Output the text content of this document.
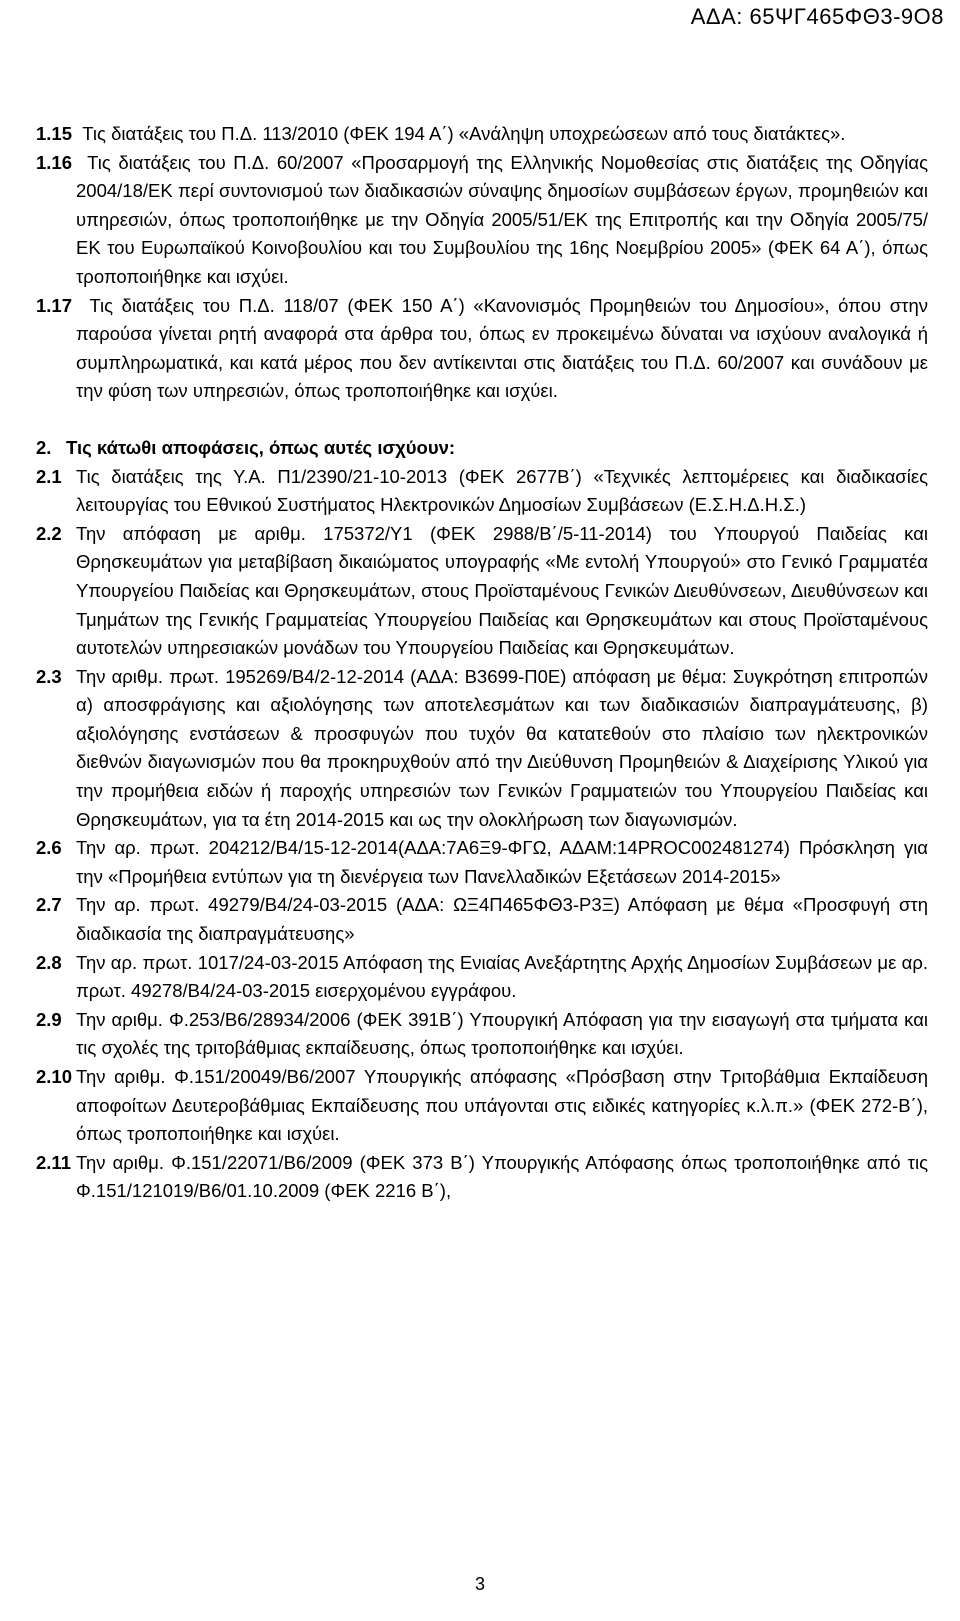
ΑΔΑ: 65ΨΓ465ΦΘ3-9Ο8
1.15 Τις διατάξεις του Π.Δ. 113/2010 (ΦΕΚ 194 Α΄) «Ανάληψη υποχρεώσεων από τους διατάκτες».
1.16 Τις διατάξεις του Π.Δ. 60/2007 «Προσαρμογή της Ελληνικής Νομοθεσίας στις διατάξεις της Οδηγίας 2004/18/ΕΚ περί συντονισμού των διαδικασιών σύναψης δημοσίων συμβάσεων έργων, προμηθειών και υπηρεσιών, όπως τροποποιήθηκε με την Οδηγία 2005/51/ΕΚ της Επιτροπής και την Οδηγία 2005/75/ΕΚ του Ευρωπαϊκού Κοινοβουλίου και του Συμβουλίου της 16ης Νοεμβρίου 2005» (ΦΕΚ 64 Α΄), όπως τροποποιήθηκε και ισχύει.
1.17 Τις διατάξεις του Π.Δ. 118/07 (ΦΕΚ 150 Α΄) «Κανονισμός Προμηθειών του Δημοσίου», όπου στην παρούσα γίνεται ρητή αναφορά στα άρθρα του, όπως εν προκειμένω δύναται να ισχύουν αναλογικά ή συμπληρωματικά, και κατά μέρος που δεν αντίκεινται στις διατάξεις του Π.Δ. 60/2007 και συνάδουν με την φύση των υπηρεσιών, όπως τροποποιήθηκε και ισχύει.
2. Τις κάτωθι αποφάσεις, όπως αυτές ισχύουν:
2.1 Τις διατάξεις της Υ.Α. Π1/2390/21-10-2013 (ΦΕΚ 2677Β΄) «Τεχνικές λεπτομέρειες και διαδικασίες λειτουργίας του Εθνικού Συστήματος Ηλεκτρονικών Δημοσίων Συμβάσεων (Ε.Σ.Η.Δ.Η.Σ.)
2.2 Την απόφαση με αριθμ. 175372/Υ1 (ΦΕΚ 2988/Β΄/5-11-2014) του Υπουργού Παιδείας και Θρησκευμάτων για μεταβίβαση δικαιώματος υπογραφής «Με εντολή Υπουργού» στο Γενικό Γραμματέα Υπουργείου Παιδείας και Θρησκευμάτων, στους Προϊσταμένους Γενικών Διευθύνσεων, Διευθύνσεων και Τμημάτων της Γενικής Γραμματείας Υπουργείου Παιδείας και Θρησκευμάτων και στους Προϊσταμένους αυτοτελών υπηρεσιακών μονάδων του Υπουργείου Παιδείας και Θρησκευμάτων.
2.3 Την αριθμ. πρωτ. 195269/Β4/2-12-2014 (ΑΔΑ: Β3699-Π0Ε) απόφαση με θέμα: Συγκρότηση επιτροπών α) αποσφράγισης και αξιολόγησης των αποτελεσμάτων και των διαδικασιών διαπραγμάτευσης, β) αξιολόγησης ενστάσεων & προσφυγών που τυχόν θα κατατεθούν στο πλαίσιο των ηλεκτρονικών διεθνών διαγωνισμών που θα προκηρυχθούν από την Διεύθυνση Προμηθειών & Διαχείρισης Υλικού για την προμήθεια ειδών ή παροχής υπηρεσιών των Γενικών Γραμματειών του Υπουργείου Παιδείας και Θρησκευμάτων, για τα έτη 2014-2015 και ως την ολοκλήρωση των διαγωνισμών.
2.6 Την αρ. πρωτ. 204212/Β4/15-12-2014(ΑΔΑ:7Α6Ξ9-ΦΓΩ, ΑΔΑΜ:14PROC002481274) Πρόσκληση για την «Προμήθεια εντύπων για τη διενέργεια των Πανελλαδικών Εξετάσεων 2014-2015»
2.7 Την αρ. πρωτ. 49279/Β4/24-03-2015 (ΑΔΑ: ΩΞ4Π465ΦΘ3-Ρ3Ξ) Απόφαση με θέμα «Προσφυγή στη διαδικασία της διαπραγμάτευσης»
2.8 Την αρ. πρωτ. 1017/24-03-2015 Απόφαση της Ενιαίας Ανεξάρτητης Αρχής Δημοσίων Συμβάσεων με αρ. πρωτ. 49278/Β4/24-03-2015 εισερχομένου εγγράφου.
2.9 Την αριθμ. Φ.253/Β6/28934/2006 (ΦΕΚ 391Β΄) Υπουργική Απόφαση για την εισαγωγή στα τμήματα και τις σχολές της τριτοβάθμιας εκπαίδευσης, όπως τροποποιήθηκε και ισχύει.
2.10 Την αριθμ. Φ.151/20049/Β6/2007 Υπουργικής απόφασης «Πρόσβαση στην Τριτοβάθμια Εκπαίδευση αποφοίτων Δευτεροβάθμιας Εκπαίδευσης που υπάγονται στις ειδικές κατηγορίες κ.λ.π.» (ΦΕΚ 272-Β΄), όπως τροποποιήθηκε και ισχύει.
2.11 Την αριθμ. Φ.151/22071/Β6/2009 (ΦΕΚ 373 Β΄) Υπουργικής Απόφασης όπως τροποποιήθηκε από τις Φ.151/121019/Β6/01.10.2009 (ΦΕΚ 2216 Β΄),
3
